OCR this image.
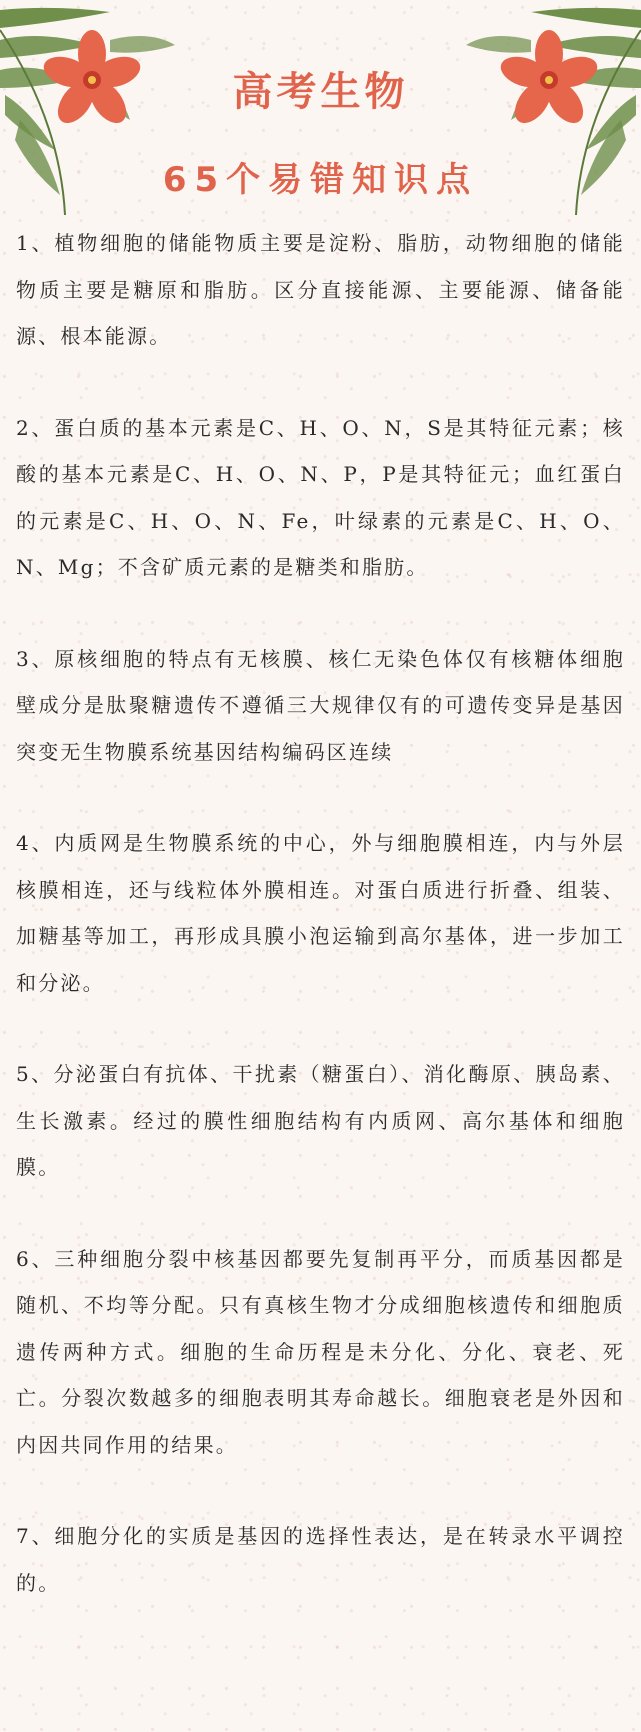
高考生物
65个易错知识点

1、植物细胞的储能物质主要是淀粉、脂肪，动物细胞的储能物质主要是糖原和脂肪。区分直接能源、主要能源、储备能源、根本能源。

2、蛋白质的基本元素是C、H、O、N，S是其特征元素；核酸的基本元素是C、H、O、N、P，P是其特征元；血红蛋白的元素是C、H、O、N、Fe，叶绿素的元素是C、H、O、N、Mg；不含矿质元素的是糖类和脂肪。

3、原核细胞的特点有无核膜、核仁无染色体仅有核糖体细胞壁成分是肽聚糖遗传不遵循三大规律仅有的可遗传变异是基因突变无生物膜系统基因结构编码区连续

4、内质网是生物膜系统的中心，外与细胞膜相连，内与外层核膜相连，还与线粒体外膜相连。对蛋白质进行折叠、组装、加糖基等加工，再形成具膜小泡运输到高尔基体，进一步加工和分泌。

5、分泌蛋白有抗体、干扰素（糖蛋白）、消化酶原、胰岛素、生长激素。经过的膜性细胞结构有内质网、高尔基体和细胞膜。

6、三种细胞分裂中核基因都要先复制再平分，而质基因都是随机、不均等分配。只有真核生物才分成细胞核遗传和细胞质遗传两种方式。细胞的生命历程是未分化、分化、衰老、死亡。分裂次数越多的细胞表明其寿命越长。细胞衰老是外因和内因共同作用的结果。

7、细胞分化的实质是基因的选择性表达，是在转录水平调控的。
